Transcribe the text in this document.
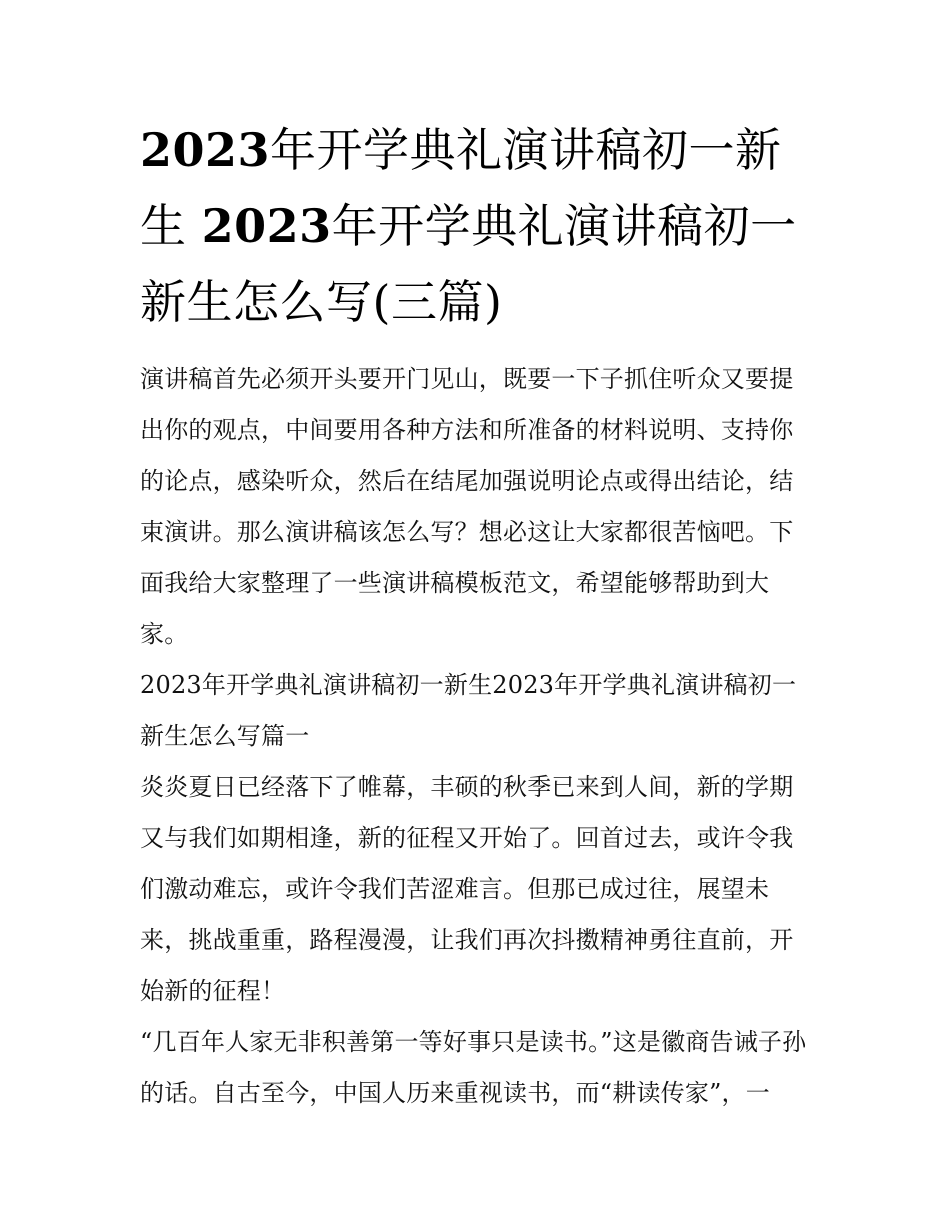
2023年开学典礼演讲稿初一新生 2023年开学典礼演讲稿初一新生怎么写(三篇)

演讲稿首先必须开头要开门见山，既要一下子抓住听众又要提出你的观点，中间要用各种方法和所准备的材料说明、支持你的论点，感染听众，然后在结尾加强说明论点或得出结论，结束演讲。那么演讲稿该怎么写？想必这让大家都很苦恼吧。下面我给大家整理了一些演讲稿模板范文，希望能够帮助到大家。

2023年开学典礼演讲稿初一新生2023年开学典礼演讲稿初一新生怎么写篇一

炎炎夏日已经落下了帷幕，丰硕的秋季已来到人间，新的学期又与我们如期相逢，新的征程又开始了。回首过去，或许令我们激动难忘，或许令我们苦涩难言。但那已成过往，展望未来，挑战重重，路程漫漫，让我们再次抖擞精神勇往直前，开始新的征程！

“几百年人家无非积善第一等好事只是读书。”这是徽商告诫子孙的话。自古至今，中国人历来重视读书，而“耕读传家”，一
